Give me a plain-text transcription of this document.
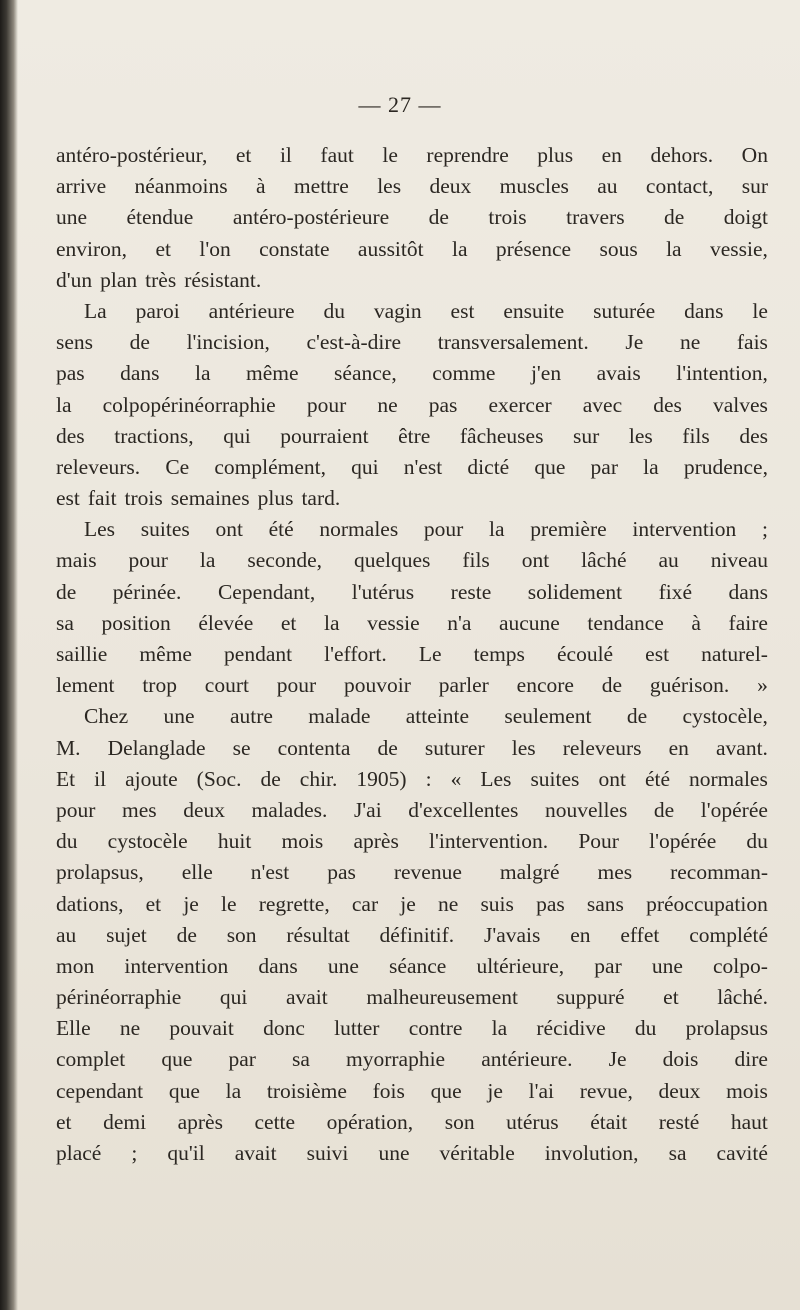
— 27 —
antéro-postérieur, et il faut le reprendre plus en dehors. On
arrive néanmoins à mettre les deux muscles au contact, sur
une étendue antéro-postérieure de trois travers de doigt
environ, et l'on constate aussitôt la présence sous la vessie,
d'un plan très résistant.
La paroi antérieure du vagin est ensuite suturée dans le
sens de l'incision, c'est-à-dire transversalement. Je ne fais
pas dans la même séance, comme j'en avais l'intention,
la colpopérinéorraphie pour ne pas exercer avec des valves
des tractions, qui pourraient être fâcheuses sur les fils des
releveurs. Ce complément, qui n'est dicté que par la prudence,
est fait trois semaines plus tard.
Les suites ont été normales pour la première intervention ;
mais pour la seconde, quelques fils ont lâché au niveau
de périnée. Cependant, l'utérus reste solidement fixé dans
sa position élevée et la vessie n'a aucune tendance à faire
saillie même pendant l'effort. Le temps écoulé est naturel-
lement trop court pour pouvoir parler encore de guérison. »
Chez une autre malade atteinte seulement de cystocèle,
M. Delanglade se contenta de suturer les releveurs en avant.
Et il ajoute (Soc. de chir. 1905) : « Les suites ont été normales
pour mes deux malades. J'ai d'excellentes nouvelles de l'opérée
du cystocèle huit mois après l'intervention. Pour l'opérée du
prolapsus, elle n'est pas revenue malgré mes recomman-
dations, et je le regrette, car je ne suis pas sans préoccupation
au sujet de son résultat définitif. J'avais en effet complété
mon intervention dans une séance ultérieure, par une colpo-
périnéorraphie qui avait malheureusement suppuré et lâché.
Elle ne pouvait donc lutter contre la récidive du prolapsus
complet que par sa myorraphie antérieure. Je dois dire
cependant que la troisième fois que je l'ai revue, deux mois
et demi après cette opération, son utérus était resté haut
placé ; qu'il avait suivi une véritable involution, sa cavité
